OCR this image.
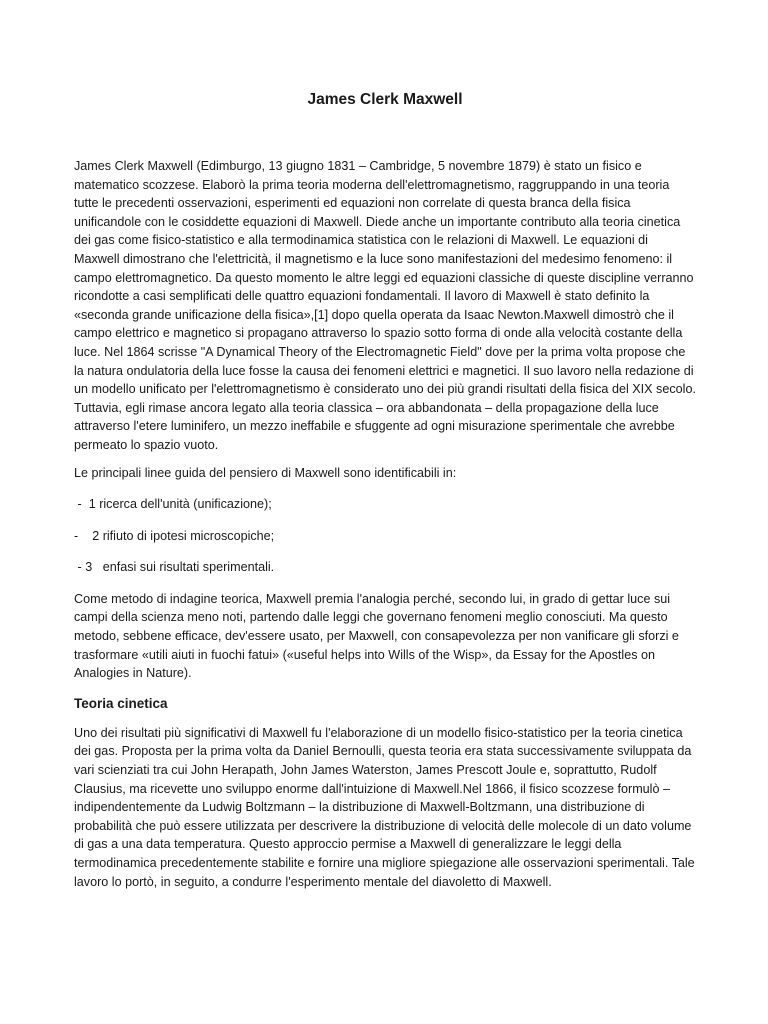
James Clerk Maxwell

James Clerk Maxwell (Edimburgo, 13 giugno 1831 – Cambridge, 5 novembre 1879) è stato un fisico e matematico scozzese. Elaborò la prima teoria moderna dell'elettromagnetismo, raggruppando in una teoria tutte le precedenti osservazioni, esperimenti ed equazioni non correlate di questa branca della fisica unificandole con le cosiddette equazioni di Maxwell. Diede anche un importante contributo alla teoria cinetica dei gas come fisico-statistico e alla termodinamica statistica con le relazioni di Maxwell. Le equazioni di Maxwell dimostrano che l'elettricità, il magnetismo e la luce sono manifestazioni del medesimo fenomeno: il campo elettromagnetico. Da questo momento le altre leggi ed equazioni classiche di queste discipline verranno ricondotte a casi semplificati delle quattro equazioni fondamentali. Il lavoro di Maxwell è stato definito la «seconda grande unificazione della fisica»,[1] dopo quella operata da Isaac Newton.Maxwell dimostrò che il campo elettrico e magnetico si propagano attraverso lo spazio sotto forma di onde alla velocità costante della luce. Nel 1864 scrisse "A Dynamical Theory of the Electromagnetic Field" dove per la prima volta propose che la natura ondulatoria della luce fosse la causa dei fenomeni elettrici e magnetici. Il suo lavoro nella redazione di un modello unificato per l'elettromagnetismo è considerato uno dei più grandi risultati della fisica del XIX secolo. Tuttavia, egli rimase ancora legato alla teoria classica – ora abbandonata – della propagazione della luce attraverso l'etere luminifero, un mezzo ineffabile e sfuggente ad ogni misurazione sperimentale che avrebbe permeato lo spazio vuoto.

Le principali linee guida del pensiero di Maxwell sono identificabili in:

-  1 ricerca dell'unità (unificazione);
-    2 rifiuto di ipotesi microscopiche;
- 3   enfasi sui risultati sperimentali.

Come metodo di indagine teorica, Maxwell premia l'analogia perché, secondo lui, in grado di gettar luce sui campi della scienza meno noti, partendo dalle leggi che governano fenomeni meglio conosciuti. Ma questo metodo, sebbene efficace, dev'essere usato, per Maxwell, con consapevolezza per non vanificare gli sforzi e trasformare «utili aiuti in fuochi fatui» («useful helps into Wills of the Wisp», da Essay for the Apostles on Analogies in Nature).

Teoria cinetica

Uno dei risultati più significativi di Maxwell fu l'elaborazione di un modello fisico-statistico per la teoria cinetica dei gas. Proposta per la prima volta da Daniel Bernoulli, questa teoria era stata successivamente sviluppata da vari scienziati tra cui John Herapath, John James Waterston, James Prescott Joule e, soprattutto, Rudolf Clausius, ma ricevette uno sviluppo enorme dall'intuizione di Maxwell.Nel 1866, il fisico scozzese formulò – indipendentemente da Ludwig Boltzmann – la distribuzione di Maxwell-Boltzmann, una distribuzione di probabilità che può essere utilizzata per descrivere la distribuzione di velocità delle molecole di un dato volume di gas a una data temperatura. Questo approccio permise a Maxwell di generalizzare le leggi della termodinamica precedentemente stabilite e fornire una migliore spiegazione alle osservazioni sperimentali. Tale lavoro lo portò, in seguito, a condurre l'esperimento mentale del diavoletto di Maxwell.
